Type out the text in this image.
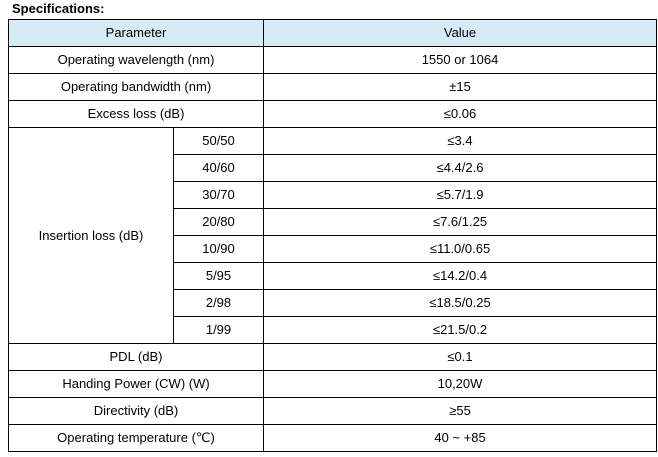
Specifications:
Parameter		Value
Operating wavelength (nm)		1550 or 1064
Operating bandwidth (nm)		±15
Excess loss (dB)		≤0.06
Insertion loss (dB)	50/50	≤3.4
	40/60	≤4.4/2.6
	30/70	≤5.7/1.9
	20/80	≤7.6/1.25
	10/90	≤11.0/0.65
	5/95	≤14.2/0.4
	2/98	≤18.5/0.25
	1/99	≤21.5/0.2
PDL (dB)		≤0.1
Handing Power (CW) (W)		10,20W
Directivity (dB)		≥55
Operating temperature (℃)		40 ~ +85
